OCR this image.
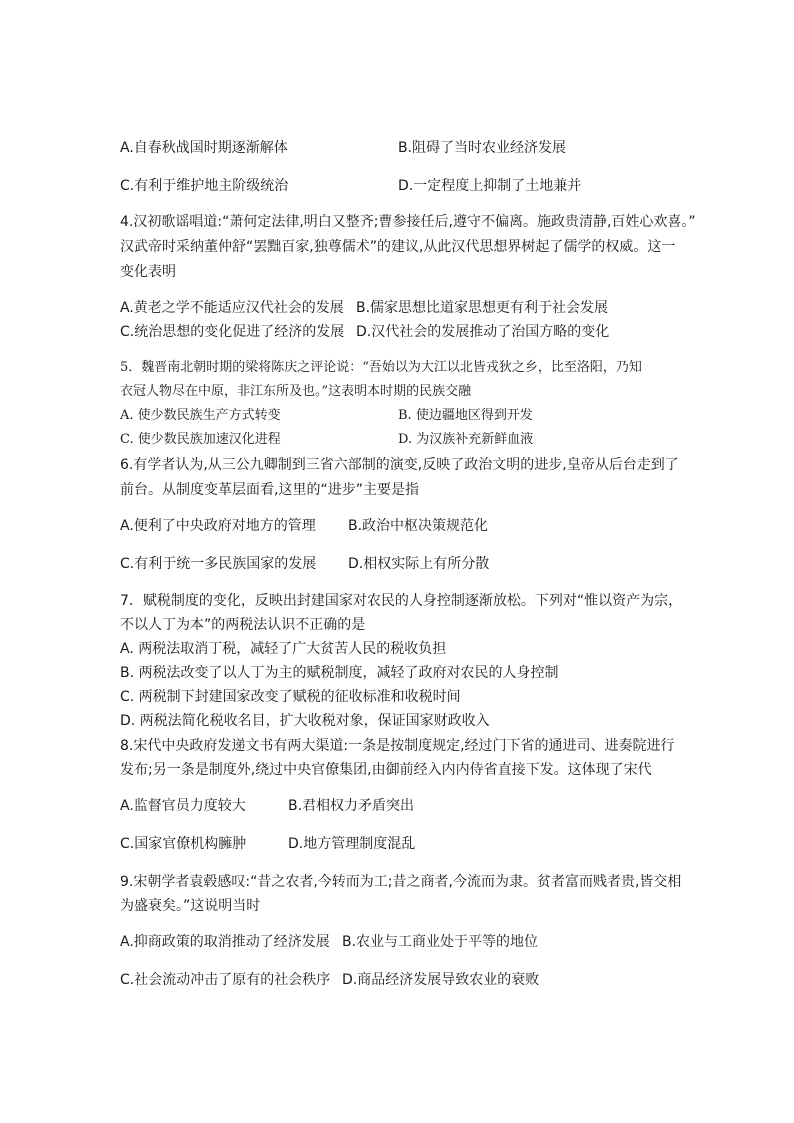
A.自春秋战国时期逐渐解体	B.阻碍了当时农业经济发展
C.有利于维护地主阶级统治	D.一定程度上抑制了土地兼并
4.汉初歌谣唱道:“萧何定法律,明白又整齐;曹参接任后,遵守不偏离。施政贵清静,百姓心欢喜。”
汉武帝时采纳董仲舒“罢黜百家,独尊儒术”的建议,从此汉代思想界树起了儒学的权威。这一
变化表明
A.黄老之学不能适应汉代社会的发展 B.儒家思想比道家思想更有利于社会发展
C.统治思想的变化促进了经济的发展 D.汉代社会的发展推动了治国方略的变化
5．魏晋南北朝时期的梁将陈庆之评论说：“吾始以为大江以北皆戎狄之乡，比至洛阳，乃知
衣冠人物尽在中原，非江东所及也。”这表明本时期的民族交融
A. 使少数民族生产方式转变	B. 使边疆地区得到开发
C. 使少数民族加速汉化进程	D. 为汉族补充新鲜血液
6.有学者认为,从三公九卿制到三省六部制的演变,反映了政治文明的进步,皇帝从后台走到了
前台。从制度变革层面看,这里的“进步”主要是指
A.便利了中央政府对地方的管理 B.政治中枢决策规范化
C.有利于统一多民族国家的发展 D.相权实际上有所分散
7．赋税制度的变化，反映出封建国家对农民的人身控制逐渐放松。下列对“惟以资产为宗，
不以人丁为本”的两税法认识不正确的是
A. 两税法取消丁税，减轻了广大贫苦人民的税收负担
B. 两税法改变了以人丁为主的赋税制度，减轻了政府对农民的人身控制
C. 两税制下封建国家改变了赋税的征收标准和收税时间
D. 两税法简化税收名目，扩大收税对象，保证国家财政收入
8.宋代中央政府发递文书有两大渠道:一条是按制度规定,经过门下省的通进司、进奏院进行
发布;另一条是制度外,绕过中央官僚集团,由御前经入内内侍省直接下发。这体现了宋代
A.监督官员力度较大	B.君相权力矛盾突出
C.国家官僚机构臃肿	D.地方管理制度混乱
9.宋朝学者袁毂感叹:“昔之农者,今转而为工;昔之商者,今流而为隶。贫者富而贱者贵,皆交相
为盛衰矣。”这说明当时
A.抑商政策的取消推动了经济发展 B.农业与工商业处于平等的地位
C.社会流动冲击了原有的社会秩序 D.商品经济发展导致农业的衰败
